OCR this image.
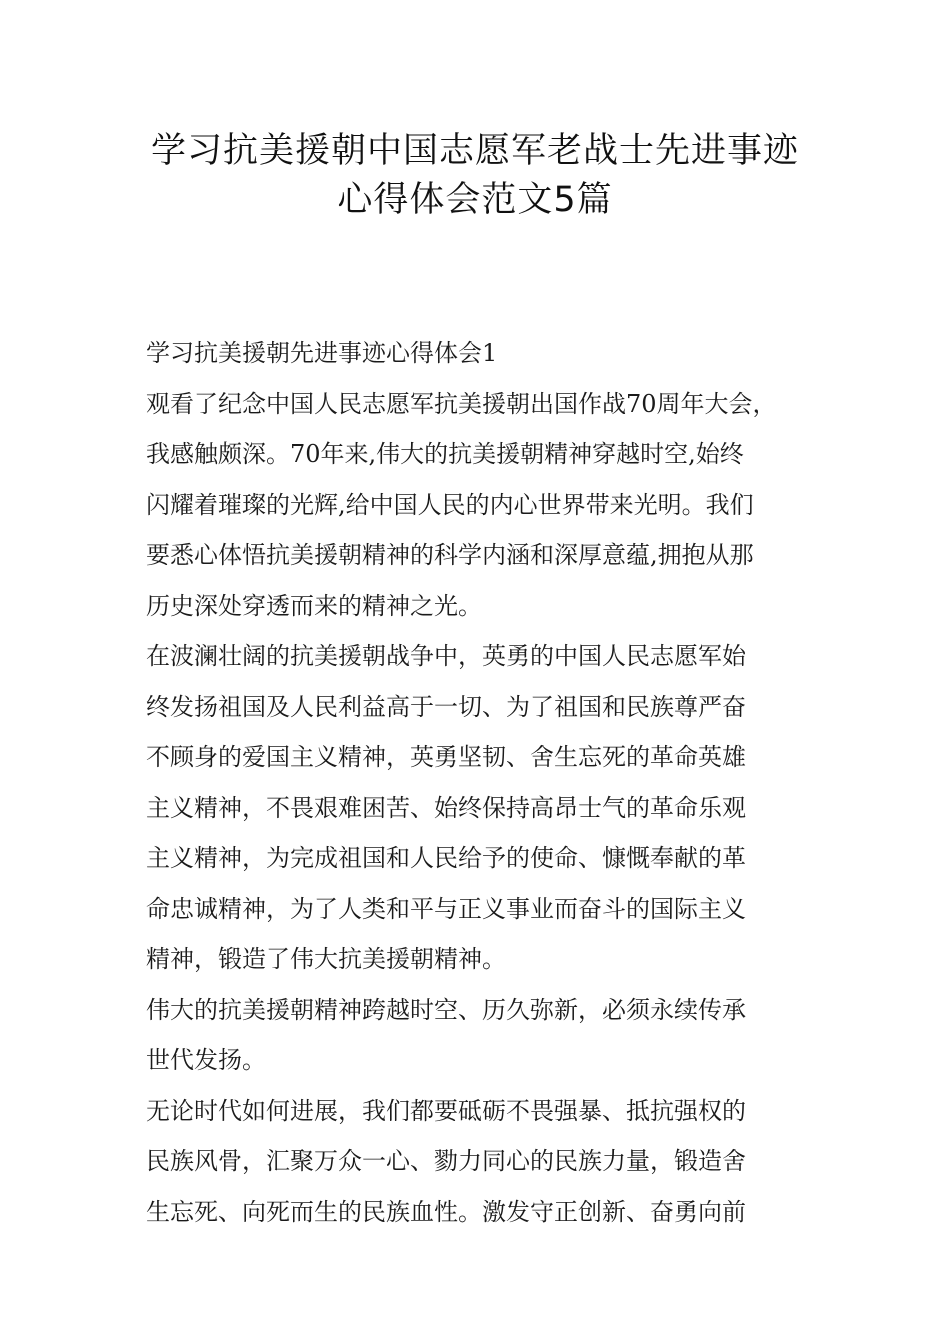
学习抗美援朝中国志愿军老战士先进事迹
心得体会范文5篇

学习抗美援朝先进事迹心得体会1

观看了纪念中国人民志愿军抗美援朝出国作战70周年大会，
我感触颇深。70年来,伟大的抗美援朝精神穿越时空,始终
闪耀着璀璨的光辉,给中国人民的内心世界带来光明。我们
要悉心体悟抗美援朝精神的科学内涵和深厚意蕴,拥抱从那
历史深处穿透而来的精神之光。

在波澜壮阔的抗美援朝战争中，英勇的中国人民志愿军始
终发扬祖国及人民利益高于一切、为了祖国和民族尊严奋
不顾身的爱国主义精神，英勇坚韧、舍生忘死的革命英雄
主义精神，不畏艰难困苦、始终保持高昂士气的革命乐观
主义精神，为完成祖国和人民给予的使命、慷慨奉献的革
命忠诚精神，为了人类和平与正义事业而奋斗的国际主义
精神，锻造了伟大抗美援朝精神。

伟大的抗美援朝精神跨越时空、历久弥新，必须永续传承
世代发扬。

无论时代如何进展，我们都要砥砺不畏强暴、抵抗强权的
民族风骨，汇聚万众一心、勠力同心的民族力量，锻造舍
生忘死、向死而生的民族血性。激发守正创新、奋勇向前
